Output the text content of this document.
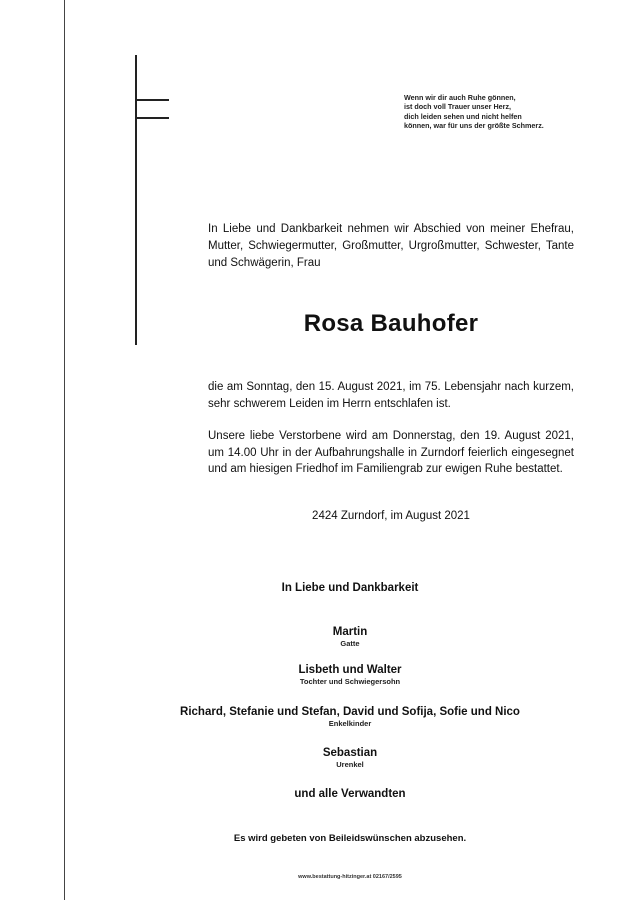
Wenn wir dir auch Ruhe gönnen,
ist doch voll Trauer unser Herz,
dich leiden sehen und nicht helfen
können, war für uns der größte Schmerz.
In Liebe und Dankbarkeit nehmen wir Abschied von meiner Ehefrau, Mutter, Schwiegermutter, Großmutter, Urgroßmutter, Schwester, Tante und Schwägerin, Frau
Rosa Bauhofer
die am Sonntag, den 15. August 2021, im 75. Lebensjahr nach kurzem, sehr schwerem Leiden im Herrn entschlafen ist.
Unsere liebe Verstorbene wird am Donnerstag, den 19. August 2021, um 14.00 Uhr in der Aufbahrungshalle in Zurndorf feierlich eingesegnet und am hiesigen Friedhof im Familiengrab zur ewigen Ruhe bestattet.
2424 Zurndorf, im August 2021
In Liebe und Dankbarkeit
Martin
Gatte
Lisbeth und Walter
Tochter und Schwiegersohn
Richard, Stefanie und Stefan, David und Sofija, Sofie und Nico
Enkelkinder
Sebastian
Urenkel
und alle Verwandten
Es wird gebeten von Beileidswünschen abzusehen.
www.bestattung-hitzinger.at 02167/2595
